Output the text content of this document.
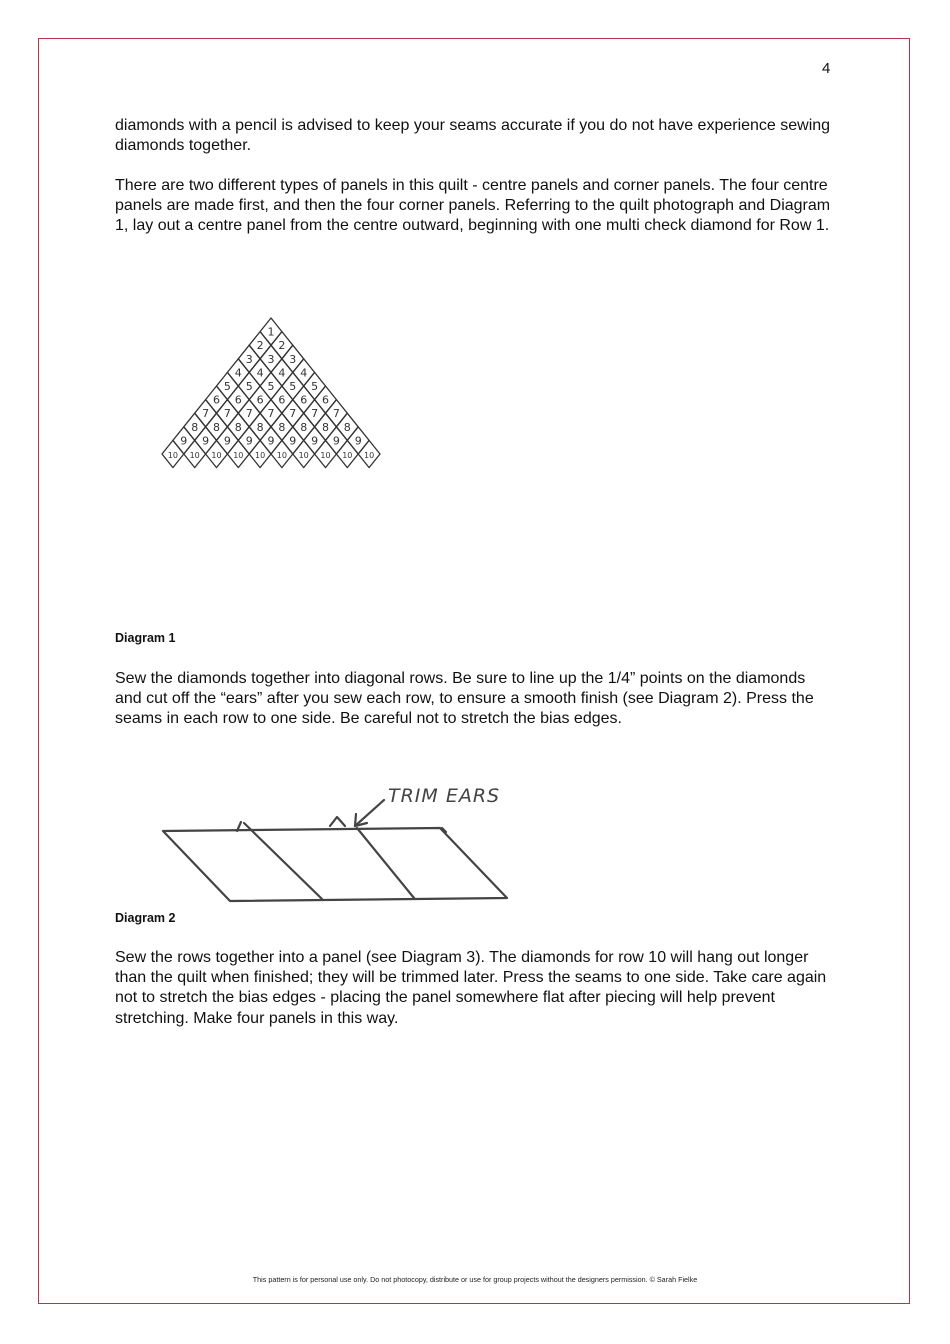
4

diamonds with a pencil is advised to keep your seams accurate if you do not have experience sewing diamonds together.

There are two different types of panels in this quilt - centre panels and corner panels. The four centre panels are made first, and then the four corner panels. Referring to the quilt photograph and Diagram 1, lay out a centre panel from the centre outward, beginning with one multi check diamond for Row 1.

1
2 2
3 3 3
4 4 4 4
5 5 5 5 5
6 6 6 6 6 6
7 7 7 7 7 7 7
8 8 8 8 8 8 8 8
9 9 9 9 9 9 9 9 9
10 10 10 10 10 10 10 10 10 10

Diagram 1

Sew the diamonds together into diagonal rows. Be sure to line up the 1/4” points on the diamonds and cut off the “ears” after you sew each row, to ensure a smooth finish (see Diagram 2). Press the seams in each row to one side. Be careful not to stretch the bias edges.

TRIM EARS

Diagram 2

Sew the rows together into a panel (see Diagram 3). The diamonds for row 10 will hang out longer than the quilt when finished; they will be trimmed later. Press the seams to one side. Take care again not to stretch the bias edges - placing the panel somewhere flat after piecing will help prevent stretching. Make four panels in this way.

This pattern is for personal use only. Do not photocopy, distribute or use for group projects without the designers permission. © Sarah Fielke
